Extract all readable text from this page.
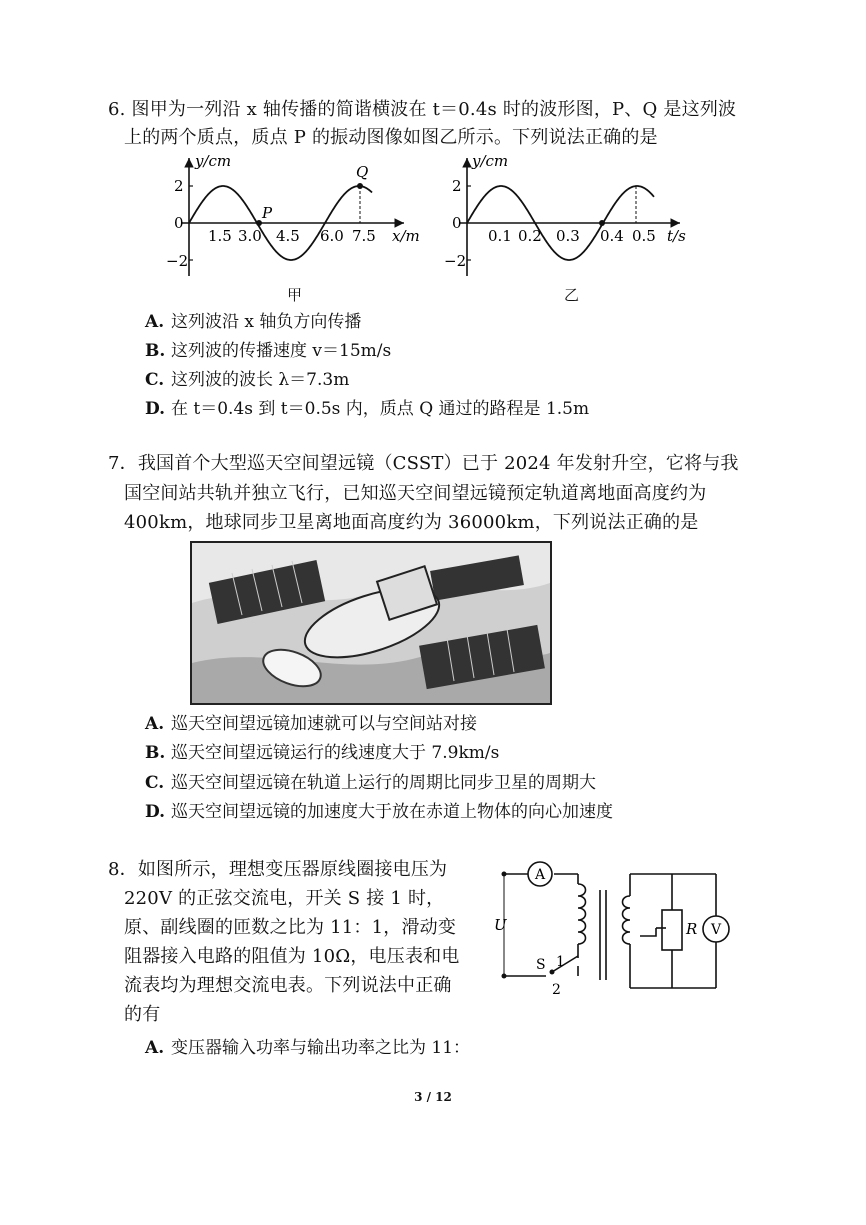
6. 图甲为一列沿 x 轴传播的简谐横波在 t＝0.4s 时的波形图，P、Q 是这列波
上的两个质点，质点 P 的振动图像如图乙所示。下列说法正确的是
y/cm
2
0
−2
1.5 3.0 4.5 6.0 7.5 x/m
P
Q
甲
y/cm
2
0
−2
0.1 0.2 0.3 0.4 0.5 t/s
乙
A. 这列波沿 x 轴负方向传播
B. 这列波的传播速度 v＝15m/s
C. 这列波的波长 λ＝7.3m
D. 在 t＝0.4s 到 t＝0.5s 内，质点 Q 通过的路程是 1.5m
7．我国首个大型巡天空间望远镜（CSST）已于 2024 年发射升空，它将与我
国空间站共轨并独立飞行，已知巡天空间望远镜预定轨道离地面高度约为
400km，地球同步卫星离地面高度约为 36000km，下列说法正确的是
A. 巡天空间望远镜加速就可以与空间站对接
B. 巡天空间望远镜运行的线速度大于 7.9km/s
C. 巡天空间望远镜在轨道上运行的周期比同步卫星的周期大
D. 巡天空间望远镜的加速度大于放在赤道上物体的向心加速度
8．如图所示，理想变压器原线圈接电压为
220V 的正弦交流电，开关 S 接 1 时，
原、副线圈的匝数之比为 11：1，滑动变
阻器接入电路的阻值为 10Ω，电压表和电
流表均为理想交流电表。下列说法中正确
的有
A
V
U
S 1
2
R
A. 变压器输入功率与输出功率之比为 11：
3 / 12
